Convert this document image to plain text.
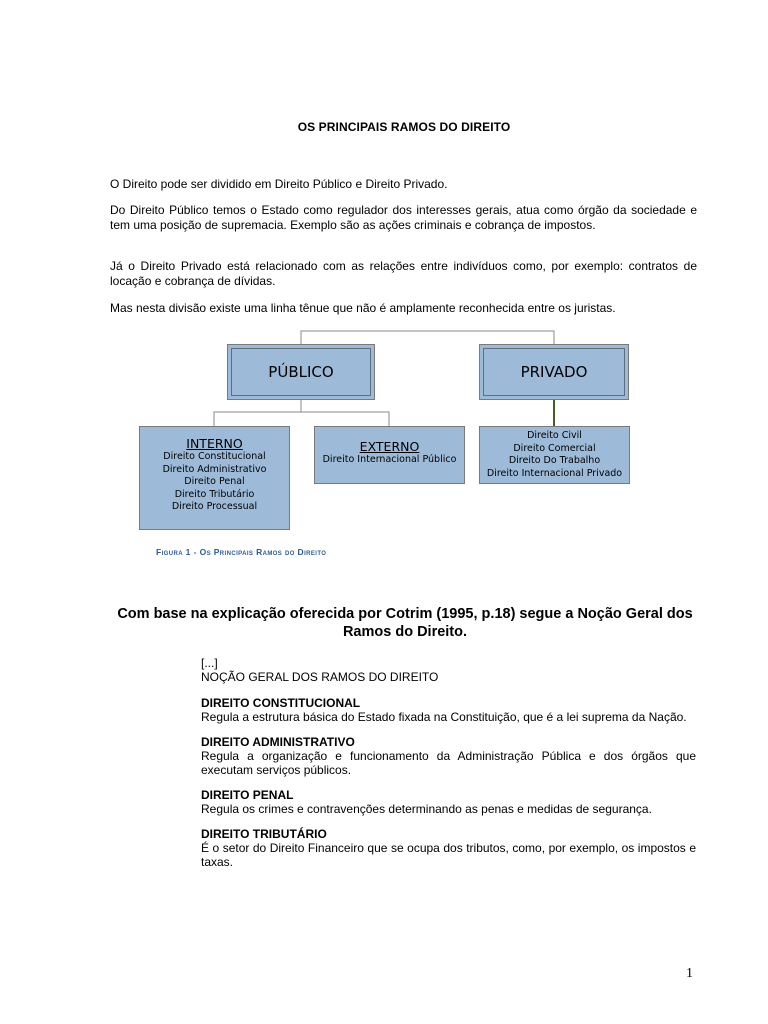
OS PRINCIPAIS RAMOS DO DIREITO

O Direito pode ser dividido em Direito Público e Direito Privado.

Do Direito Público temos o Estado como regulador dos interesses gerais, atua como órgão da sociedade e tem uma posição de supremacia. Exemplo são as ações criminais e cobrança de impostos.

Já o Direito Privado está relacionado com as relações entre indivíduos como, por exemplo: contratos de locação e cobrança de dívidas.

Mas nesta divisão existe uma linha tênue que não é amplamente reconhecida entre os juristas.

PÚBLICO	PRIVADO
INTERNO
Direito Constitucional
Direito Administrativo
Direito Penal
Direito Tributário
Direito Processual
EXTERNO
Direito Internacional Público
Direito Civil
Direito Comercial
Direito Do Trabalho
Direito Internacional Privado
Figura 1 - Os Principais Ramos do Direito
Com base na explicação oferecida por Cotrim (1995, p.18) segue a Noção Geral dos Ramos do Direito.

[...]

NOÇÃO GERAL DOS RAMOS DO DIREITO

DIREITO CONSTITUCIONAL

Regula a estrutura básica do Estado fixada na Constituição, que é a lei suprema da Nação.

DIREITO ADMINISTRATIVO

Regula a organização e funcionamento da Administração Pública e dos órgãos que executam serviços públicos.

DIREITO PENAL

Regula os crimes e contravenções determinando as penas e medidas de segurança.

DIREITO TRIBUTÁRIO

É o setor do Direito Financeiro que se ocupa dos tributos, como, por exemplo, os impostos e taxas.

1
